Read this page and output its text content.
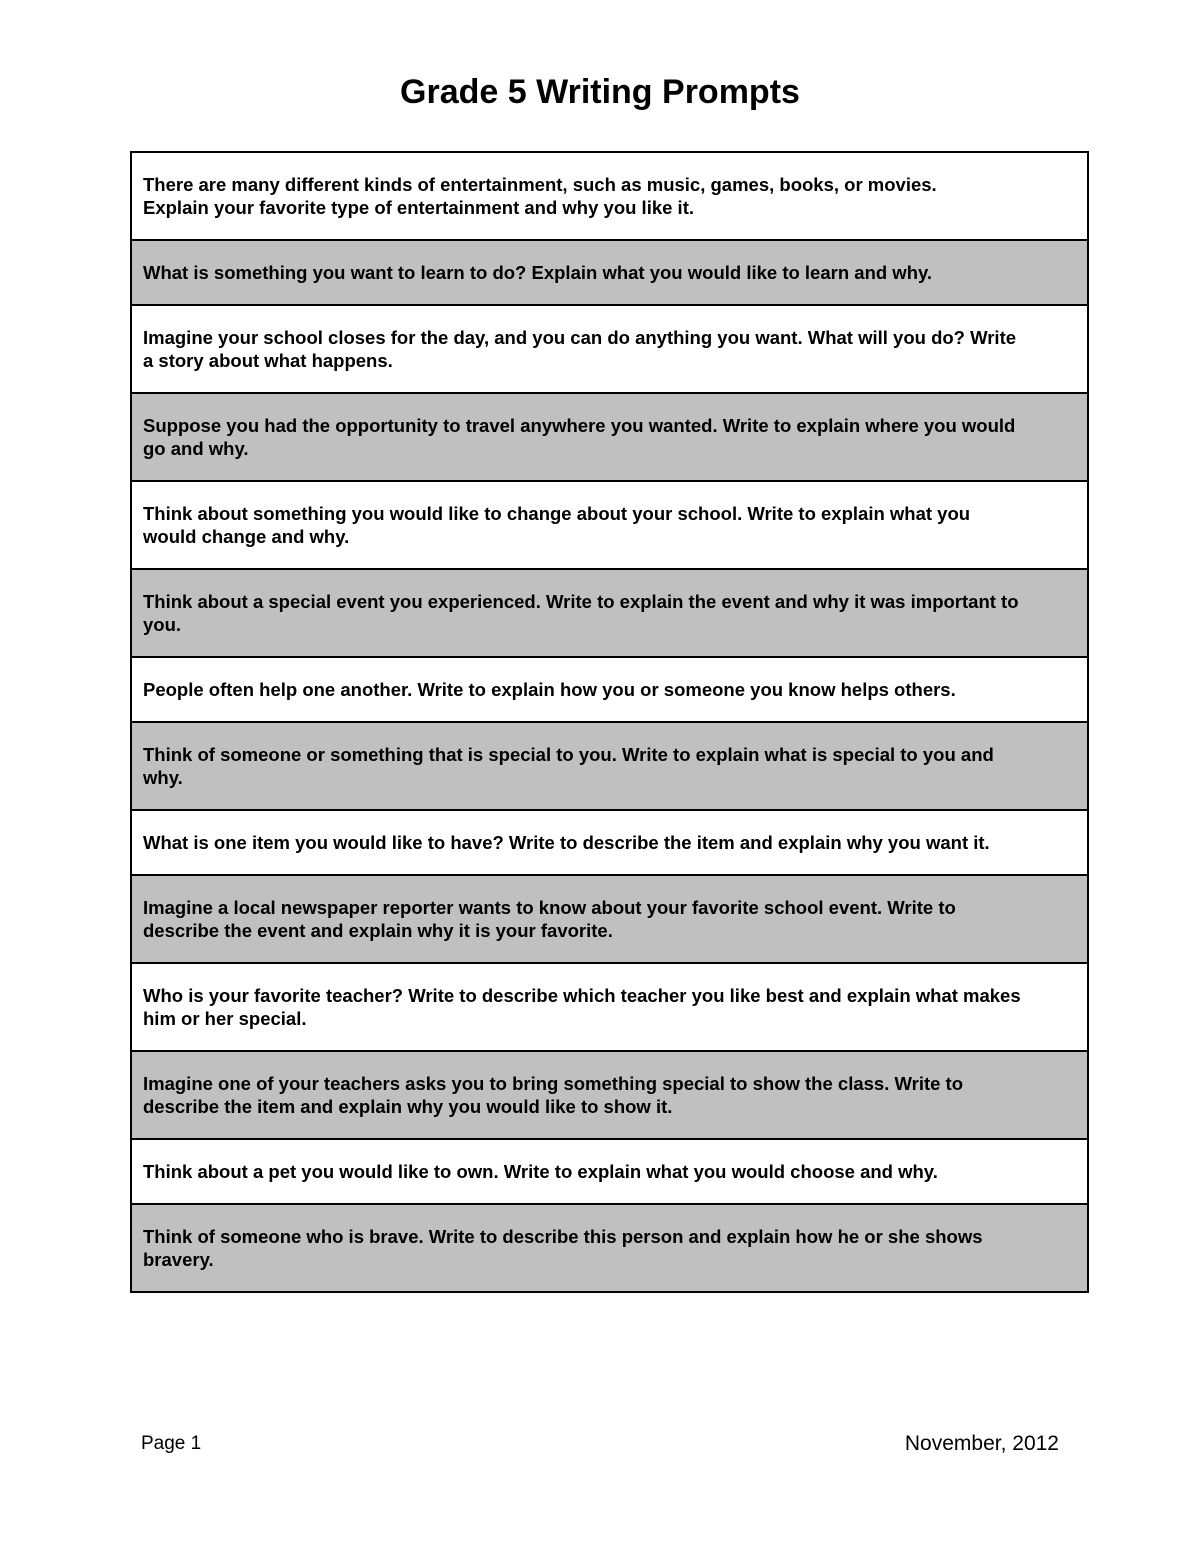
Grade 5 Writing Prompts
There are many different kinds of entertainment, such as music, games, books, or movies.
Explain your favorite type of entertainment and why you like it.
What is something you want to learn to do? Explain what you would like to learn and why.
Imagine your school closes for the day, and you can do anything you want. What will you do? Write
a story about what happens.
Suppose you had the opportunity to travel anywhere you wanted. Write to explain where you would
go and why.
Think about something you would like to change about your school. Write to explain what you
would change and why.
Think about a special event you experienced. Write to explain the event and why it was important to
you.
People often help one another. Write to explain how you or someone you know helps others.
Think of someone or something that is special to you. Write to explain what is special to you and
why.
What is one item you would like to have? Write to describe the item and explain why you want it.
Imagine a local newspaper reporter wants to know about your favorite school event. Write to
describe the event and explain why it is your favorite.
Who is your favorite teacher? Write to describe which teacher you like best and explain what makes
him or her special.
Imagine one of your teachers asks you to bring something special to show the class. Write to
describe the item and explain why you would like to show it.
Think about a pet you would like to own. Write to explain what you would choose and why.
Think of someone who is brave. Write to describe this person and explain how he or she shows
bravery.
Page 1	November, 2012
